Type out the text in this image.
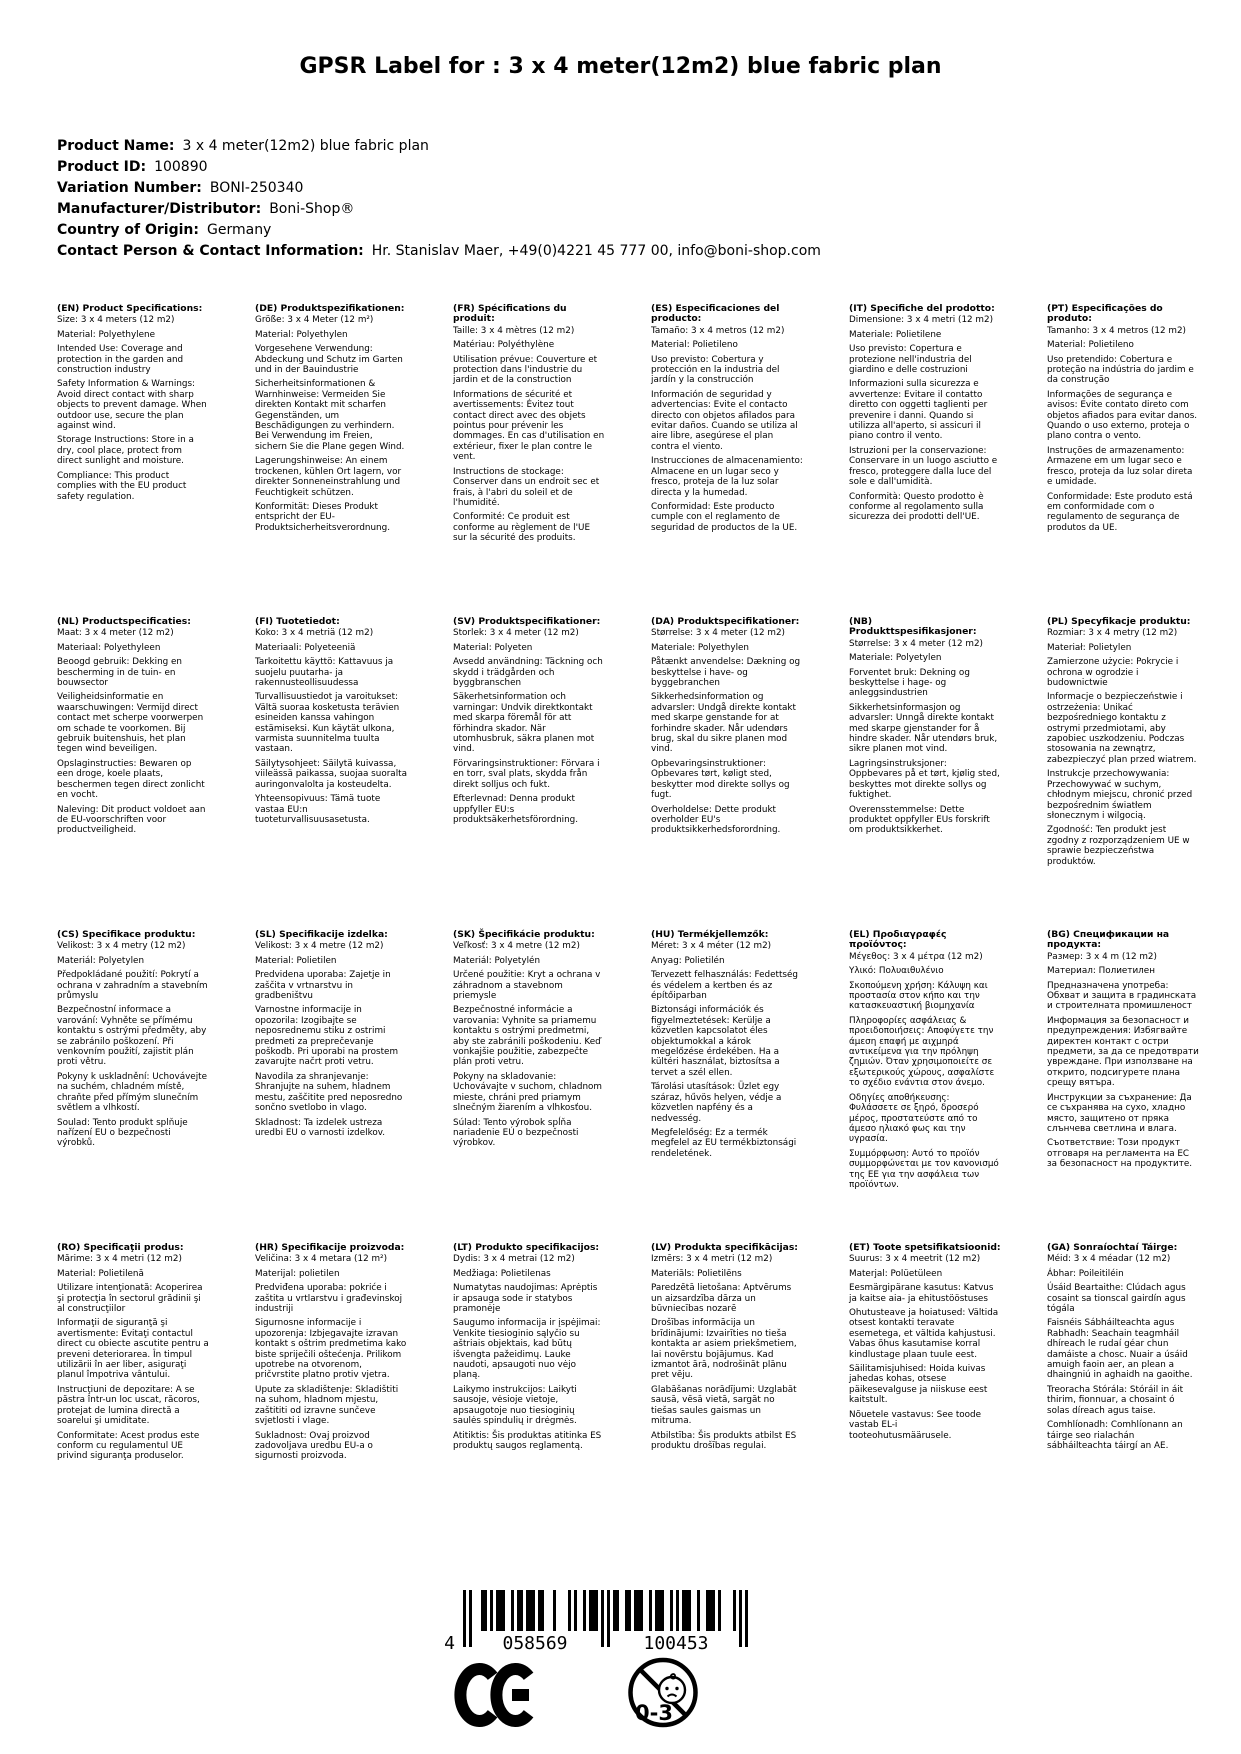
GPSR Label for : 3 x 4 meter(12m2) blue fabric plan
Product Name: 3 x 4 meter(12m2) blue fabric plan
Product ID: 100890
Variation Number: BONI-250340
Manufacturer/Distributor: Boni-Shop®
Country of Origin: Germany
Contact Person & Contact Information: Hr. Stanislav Maer, +49(0)4221 45 777 00, info@boni-shop.com
(EN) Product Specifications:

Size: 3 x 4 meters (12 m2)

Material: Polyethylene

Intended Use: Coverage and protection in the garden and construction industry

Safety Information & Warnings: Avoid direct contact with sharp objects to prevent damage. When outdoor use, secure the plan against wind.

Storage Instructions: Store in a dry, cool place, protect from direct sunlight and moisture.

Compliance: This product complies with the EU product safety regulation.

(DE) Produktspezifikationen:

Größe: 3 x 4 Meter (12 m²)

Material: Polyethylen

Vorgesehene Verwendung: Abdeckung und Schutz im Garten und in der Bauindustrie

Sicherheitsinformationen & Warnhinweise: Vermeiden Sie direkten Kontakt mit scharfen Gegenständen, um Beschädigungen zu verhindern. Bei Verwendung im Freien, sichern Sie die Plane gegen Wind.

Lagerungshinweise: An einem trockenen, kühlen Ort lagern, vor direkter Sonneneinstrahlung und Feuchtigkeit schützen.

Konformität: Dieses Produkt entspricht der EU-Produktsicherheitsverordnung.

(FR) Spécifications du produit:

Taille: 3 x 4 mètres (12 m2)

Matériau: Polyéthylène

Utilisation prévue: Couverture et protection dans l'industrie du jardin et de la construction

Informations de sécurité et avertissements: Évitez tout contact direct avec des objets pointus pour prévenir les dommages. En cas d'utilisation en extérieur, fixer le plan contre le vent.

Instructions de stockage: Conserver dans un endroit sec et frais, à l'abri du soleil et de l'humidité.

Conformité: Ce produit est conforme au règlement de l'UE sur la sécurité des produits.

(ES) Especificaciones del producto:

Tamaño: 3 x 4 metros (12 m2)

Material: Polietileno

Uso previsto: Cobertura y protección en la industria del jardín y la construcción

Información de seguridad y advertencias: Evite el contacto directo con objetos afilados para evitar daños. Cuando se utiliza al aire libre, asegúrese el plan contra el viento.

Instrucciones de almacenamiento: Almacene en un lugar seco y fresco, proteja de la luz solar directa y la humedad.

Conformidad: Este producto cumple con el reglamento de seguridad de productos de la UE.

(IT) Specifiche del prodotto:

Dimensione: 3 x 4 metri (12 m2)

Materiale: Polietilene

Uso previsto: Copertura e protezione nell'industria del giardino e delle costruzioni

Informazioni sulla sicurezza e avvertenze: Evitare il contatto diretto con oggetti taglienti per prevenire i danni. Quando si utilizza all'aperto, si assicuri il piano contro il vento.

Istruzioni per la conservazione: Conservare in un luogo asciutto e fresco, proteggere dalla luce del sole e dall'umidità.

Conformità: Questo prodotto è conforme al regolamento sulla sicurezza dei prodotti dell'UE.

(PT) Especificações do produto:

Tamanho: 3 x 4 metros (12 m2)

Material: Polietileno

Uso pretendido: Cobertura e proteção na indústria do jardim e da construção

Informações de segurança e avisos: Evite contato direto com objetos afiados para evitar danos. Quando o uso externo, proteja o plano contra o vento.

Instruções de armazenamento: Armazene em um lugar seco e fresco, proteja da luz solar direta e umidade.

Conformidade: Este produto está em conformidade com o regulamento de segurança de produtos da UE.

(NL) Productspecificaties:

Maat: 3 x 4 meter (12 m2)

Materiaal: Polyethyleen

Beoogd gebruik: Dekking en bescherming in de tuin- en bouwsector

Veiligheidsinformatie en waarschuwingen: Vermijd direct contact met scherpe voorwerpen om schade te voorkomen. Bij gebruik buitenshuis, het plan tegen wind beveiligen.

Opslaginstructies: Bewaren op een droge, koele plaats, beschermen tegen direct zonlicht en vocht.

Naleving: Dit product voldoet aan de EU-voorschriften voor productveiligheid.

(FI) Tuotetiedot:

Koko: 3 x 4 metriä (12 m2)

Materiaali: Polyeteeniä

Tarkoitettu käyttö: Kattavuus ja suojelu puutarha- ja rakennusteollisuudessa

Turvallisuustiedot ja varoitukset: Vältä suoraa kosketusta terävien esineiden kanssa vahingon estämiseksi. Kun käytät ulkona, varmista suunnitelma tuulta vastaan.

Säilytysohjeet: Säilytä kuivassa, viileässä paikassa, suojaa suoralta auringonvalolta ja kosteudelta.

Yhteensopivuus: Tämä tuote vastaa EU:n tuoteturvallisuusasetusta.

(SV) Produktspecifikationer:

Storlek: 3 x 4 meter (12 m2)

Material: Polyeten

Avsedd användning: Täckning och skydd i trädgården och byggbranschen

Säkerhetsinformation och varningar: Undvik direktkontakt med skarpa föremål för att förhindra skador. När utomhusbruk, säkra planen mot vind.

Förvaringsinstruktioner: Förvara i en torr, sval plats, skydda från direkt solljus och fukt.

Efterlevnad: Denna produkt uppfyller EU:s produktsäkerhetsförordning.

(DA) Produktspecifikationer:

Størrelse: 3 x 4 meter (12 m2)

Materiale: Polyethylen

Påtænkt anvendelse: Dækning og beskyttelse i have- og byggebranchen

Sikkerhedsinformation og advarsler: Undgå direkte kontakt med skarpe genstande for at forhindre skader. Når udendørs brug, skal du sikre planen mod vind.

Opbevaringsinstruktioner: Opbevares tørt, køligt sted, beskytter mod direkte sollys og fugt.

Overholdelse: Dette produkt overholder EU's produktsikkerhedsforordning.

(NB) Produkttspesifikasjoner:

Størrelse: 3 x 4 meter (12 m2)

Materiale: Polyetylen

Forventet bruk: Dekning og beskyttelse i hage- og anleggsindustrien

Sikkerhetsinformasjon og advarsler: Unngå direkte kontakt med skarpe gjenstander for å hindre skader. Når utendørs bruk, sikre planen mot vind.

Lagringsinstruksjoner: Oppbevares på et tørt, kjølig sted, beskyttes mot direkte sollys og fuktighet.

Overensstemmelse: Dette produktet oppfyller EUs forskrift om produktsikkerhet.

(PL) Specyfikacje produktu:

Rozmiar: 3 x 4 metry (12 m2)

Materiał: Polietylen

Zamierzone użycie: Pokrycie i ochrona w ogrodzie i budownictwie

Informacje o bezpieczeństwie i ostrzeżenia: Unikać bezpośredniego kontaktu z ostrymi przedmiotami, aby zapobiec uszkodzeniu. Podczas stosowania na zewnątrz, zabezpieczyć plan przed wiatrem.

Instrukcje przechowywania: Przechowywać w suchym, chłodnym miejscu, chronić przed bezpośrednim światłem słonecznym i wilgocią.

Zgodność: Ten produkt jest zgodny z rozporządzeniem UE w sprawie bezpieczeństwa produktów.

(CS) Specifikace produktu:

Velikost: 3 x 4 metry (12 m2)

Materiál: Polyetylen

Předpokládané použití: Pokrytí a ochrana v zahradním a stavebním průmyslu

Bezpečnostní informace a varování: Vyhněte se přímému kontaktu s ostrými předměty, aby se zabránilo poškození. Při venkovním použití, zajistit plán proti větru.

Pokyny k uskladnění: Uchovávejte na suchém, chladném místě, chraňte před přímým slunečním světlem a vlhkostí.

Soulad: Tento produkt splňuje nařízení EU o bezpečnosti výrobků.

(SL) Specifikacije izdelka:

Velikost: 3 x 4 metre (12 m2)

Material: Polietilen

Predvidena uporaba: Zajetje in zaščita v vrtnarstvu in gradbeništvu

Varnostne informacije in opozorila: Izogibajte se neposrednemu stiku z ostrimi predmeti za preprečevanje poškodb. Pri uporabi na prostem zavarujte načrt proti vetru.

Navodila za shranjevanje: Shranjujte na suhem, hladnem mestu, zaščitite pred neposredno sončno svetlobo in vlago.

Skladnost: Ta izdelek ustreza uredbi EU o varnosti izdelkov.

(SK) Špecifikácie produktu:

Veľkosť: 3 x 4 metre (12 m2)

Materiál: Polyetylén

Určené použitie: Kryt a ochrana v záhradnom a stavebnom priemysle

Bezpečnostné informácie a varovania: Vyhnite sa priamemu kontaktu s ostrými predmetmi, aby ste zabránili poškodeniu. Keď vonkajšie použitie, zabezpečte plán proti vetru.

Pokyny na skladovanie: Uchovávajte v suchom, chladnom mieste, chráni pred priamym slnečným žiarením a vlhkosťou.

Súlad: Tento výrobok spĺňa nariadenie EÚ o bezpečnosti výrobkov.

(HU) Termékjellemzők:

Méret: 3 x 4 méter (12 m2)

Anyag: Polietilén

Tervezett felhasználás: Fedettség és védelem a kertben és az építőiparban

Biztonsági információk és figyelmeztetések: Kerülje a közvetlen kapcsolatot éles objektumokkal a károk megelőzése érdekében. Ha a kültéri használat, biztosítsa a tervet a szél ellen.

Tárolási utasítások: Üzlet egy száraz, hűvös helyen, védje a közvetlen napfény és a nedvesség.

Megfelelőség: Ez a termék megfelel az EU termékbiztonsági rendeletének.

(EL) Προδιαγραφές προϊόντος:

Μέγεθος: 3 x 4 μέτρα (12 m2)

Υλικό: Πολυαιθυλένιο

Σκοπούμενη χρήση: Κάλυψη και προστασία στον κήπο και την κατασκευαστική βιομηχανία

Πληροφορίες ασφάλειας & προειδοποιήσεις: Αποφύγετε την άμεση επαφή με αιχμηρά αντικείμενα για την πρόληψη ζημιών. Όταν χρησιμοποιείτε σε εξωτερικούς χώρους, ασφαλίστε το σχέδιο ενάντια στον άνεμο.

Οδηγίες αποθήκευσης: Φυλάσσετε σε ξηρό, δροσερό μέρος, προστατεύστε από το άμεσο ηλιακό φως και την υγρασία.

Συμμόρφωση: Αυτό το προϊόν συμμορφώνεται με τον κανονισμό της ΕΕ για την ασφάλεια των προϊόντων.

(BG) Спецификации на продукта:

Размер: 3 x 4 m (12 m2)

Материал: Полиетилен

Предназначена употреба: Обхват и защита в градинската и строителната промишленост

Информация за безопасност и предупреждения: Избягвайте директен контакт с остри предмети, за да се предотврати увреждане. При използване на открито, подсигурете плана срещу вятъра.

Инструкции за съхранение: Да се съхранява на сухо, хладно място, защитено от пряка слънчева светлина и влага.

Съответствие: Този продукт отговаря на регламента на ЕС за безопасност на продуктите.

(RO) Specificaţii produs:

Mărime: 3 x 4 metri (12 m2)

Material: Polietilenă

Utilizare intenţionată: Acoperirea şi protecţia în sectorul grădinii şi al construcţiilor

Informaţii de siguranţă şi avertismente: Evitaţi contactul direct cu obiecte ascutite pentru a preveni deteriorarea. În timpul utilizării în aer liber, asiguraţi planul împotriva vântului.

Instrucţiuni de depozitare: A se păstra într-un loc uscat, răcoros, protejat de lumina directă a soarelui şi umiditate.

Conformitate: Acest produs este conform cu regulamentul UE privind siguranţa produselor.

(HR) Specifikacije proizvoda:

Veličina: 3 x 4 metara (12 m²)

Materijal: polietilen

Predviđena uporaba: pokriće i zaštita u vrtlarstvu i građevinskoj industriji

Sigurnosne informacije i upozorenja: Izbjegavajte izravan kontakt s oštrim predmetima kako biste spriječili oštećenja. Prilikom upotrebe na otvorenom, pričvrstite platno protiv vjetra.

Upute za skladištenje: Skladištiti na suhom, hladnom mjestu, zaštititi od izravne sunčeve svjetlosti i vlage.

Sukladnost: Ovaj proizvod zadovoljava uredbu EU-a o sigurnosti proizvoda.

(LT) Produkto specifikacijos:

Dydis: 3 x 4 metrai (12 m2)

Medžiaga: Polietilenas

Numatytas naudojimas: Aprėptis ir apsauga sode ir statybos pramonėje

Saugumo informacija ir įspėjimai: Venkite tiesioginio sąlyčio su aštriais objektais, kad būtų išvengta pažeidimų. Lauke naudoti, apsaugoti nuo vėjo planą.

Laikymo instrukcijos: Laikyti sausoje, vėsioje vietoje, apsaugotoje nuo tiesioginių saulės spindulių ir drėgmės.

Atitiktis: Šis produktas atitinka ES produktų saugos reglamentą.

(LV) Produkta specifikācijas:

Izmērs: 3 x 4 metri (12 m2)

Materiāls: Polietilēns

Paredzētā lietošana: Aptvērums un aizsardzība dārza un būvniecības nozarē

Drošības informācija un brīdinājumi: Izvairīties no tieša kontakta ar asiem priekšmetiem, lai novērstu bojājumus. Kad izmantot ārā, nodrošināt plānu pret vēju.

Glabāšanas norādījumi: Uzglabāt sausā, vēsā vietā, sargāt no tiešas saules gaismas un mitruma.

Atbilstība: Šis produkts atbilst ES produktu drošības regulai.

(ET) Toote spetsifikatsioonid:

Suurus: 3 x 4 meetrit (12 m2)

Materjal: Polüetüleen

Eesmärgipärane kasutus: Katvus ja kaitse aia- ja ehitustööstuses

Ohutusteave ja hoiatused: Vältida otsest kontakti teravate esemetega, et vältida kahjustusi. Vabas õhus kasutamise korral kindlustage plaan tuule eest.

Säilitamisjuhised: Hoida kuivas jahedas kohas, otsese päikesevalguse ja niiskuse eest kaitstult.

Nõuetele vastavus: See toode vastab EL-i tooteohutusmäärusele.

(GA) Sonraíochtaí Táirge:

Méid: 3 x 4 méadar (12 m2)

Ábhar: Poileitiléin

Úsáid Beartaithe: Clúdach agus cosaint sa tionscal gairdín agus tógála

Faisnéis Sábháilteachta agus Rabhadh: Seachain teagmháil dhíreach le rudaí géar chun damáiste a chosc. Nuair a úsáid amuigh faoin aer, an plean a dhaingniú in aghaidh na gaoithe.

Treoracha Stórála: Stóráil in áit thirim, fionnuar, a chosaint ó solas díreach agus taise.

Comhlíonadh: Comhlíonann an táirge seo rialachán sábháilteachta táirgí an AE.

4	058569	100453
0-3
